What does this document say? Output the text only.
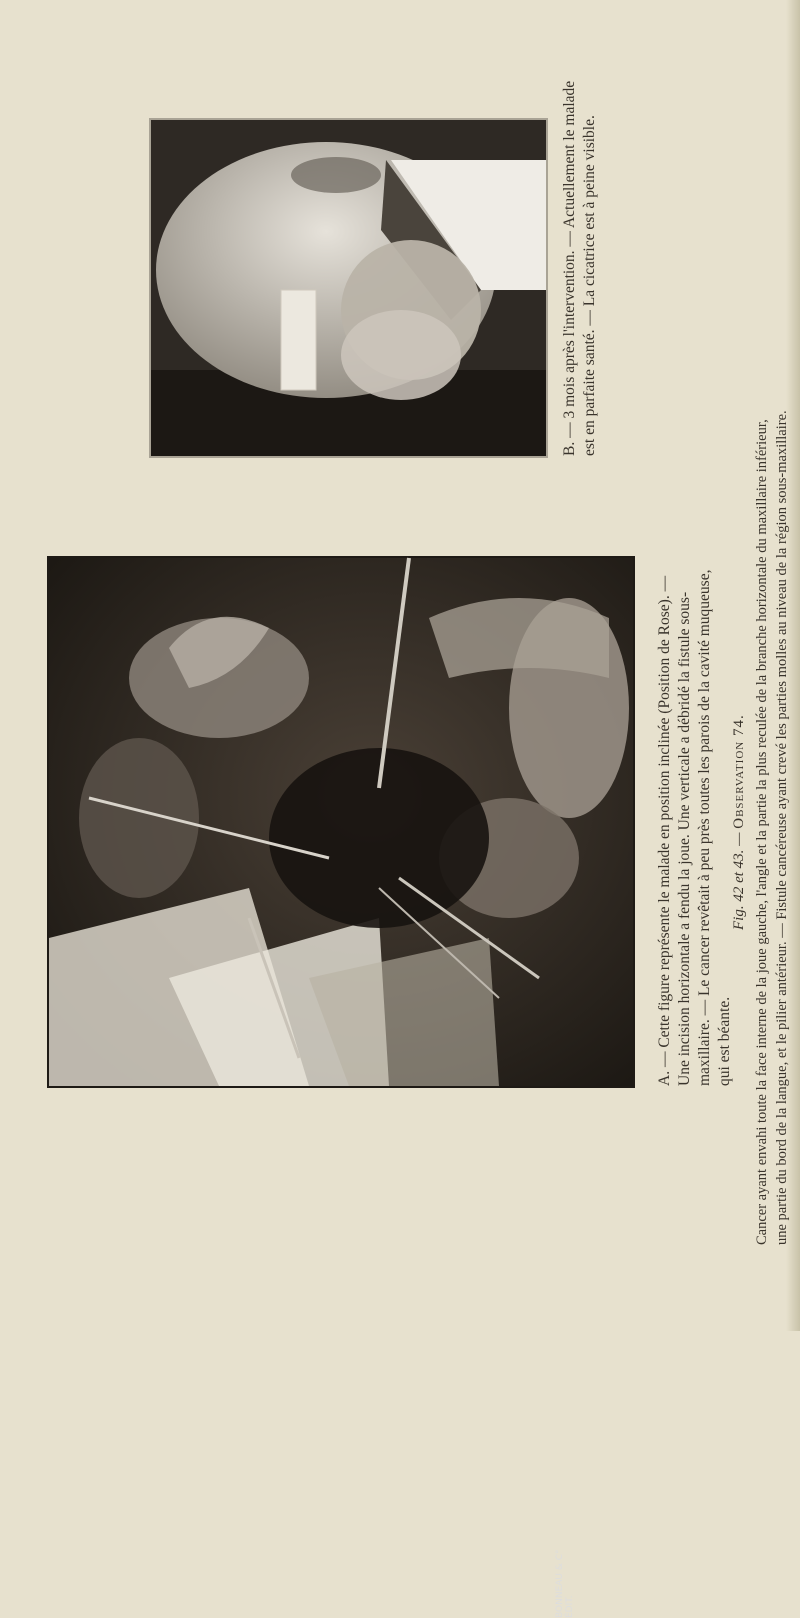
BONNEAU & C° ÉDIT.
A. — Cette figure représente le malade en position inclinée (Position de Rose). — Une incision horizontale a fendu la joue. Une verticale a débridé la fistule sous-maxillaire. — Le cancer revêtait à peu près toutes les parois de la cavité muqueuse, qui est béante.
B. — 3 mois après l'intervention. — Actuellement le malade est en parfaite santé. — La cicatrice est à peine visible.
Fig. 42 et 43. — Observation 74. Cancer ayant envahi toute la face interne de la joue gauche, l'angle et la partie la plus reculée de la branche horizontale du maxillaire inférieur, une partie du bord de la langue, et le pilier antérieur. — Fistule cancéreuse ayant crevé les parties molles au niveau de la région sous-maxillaire.
